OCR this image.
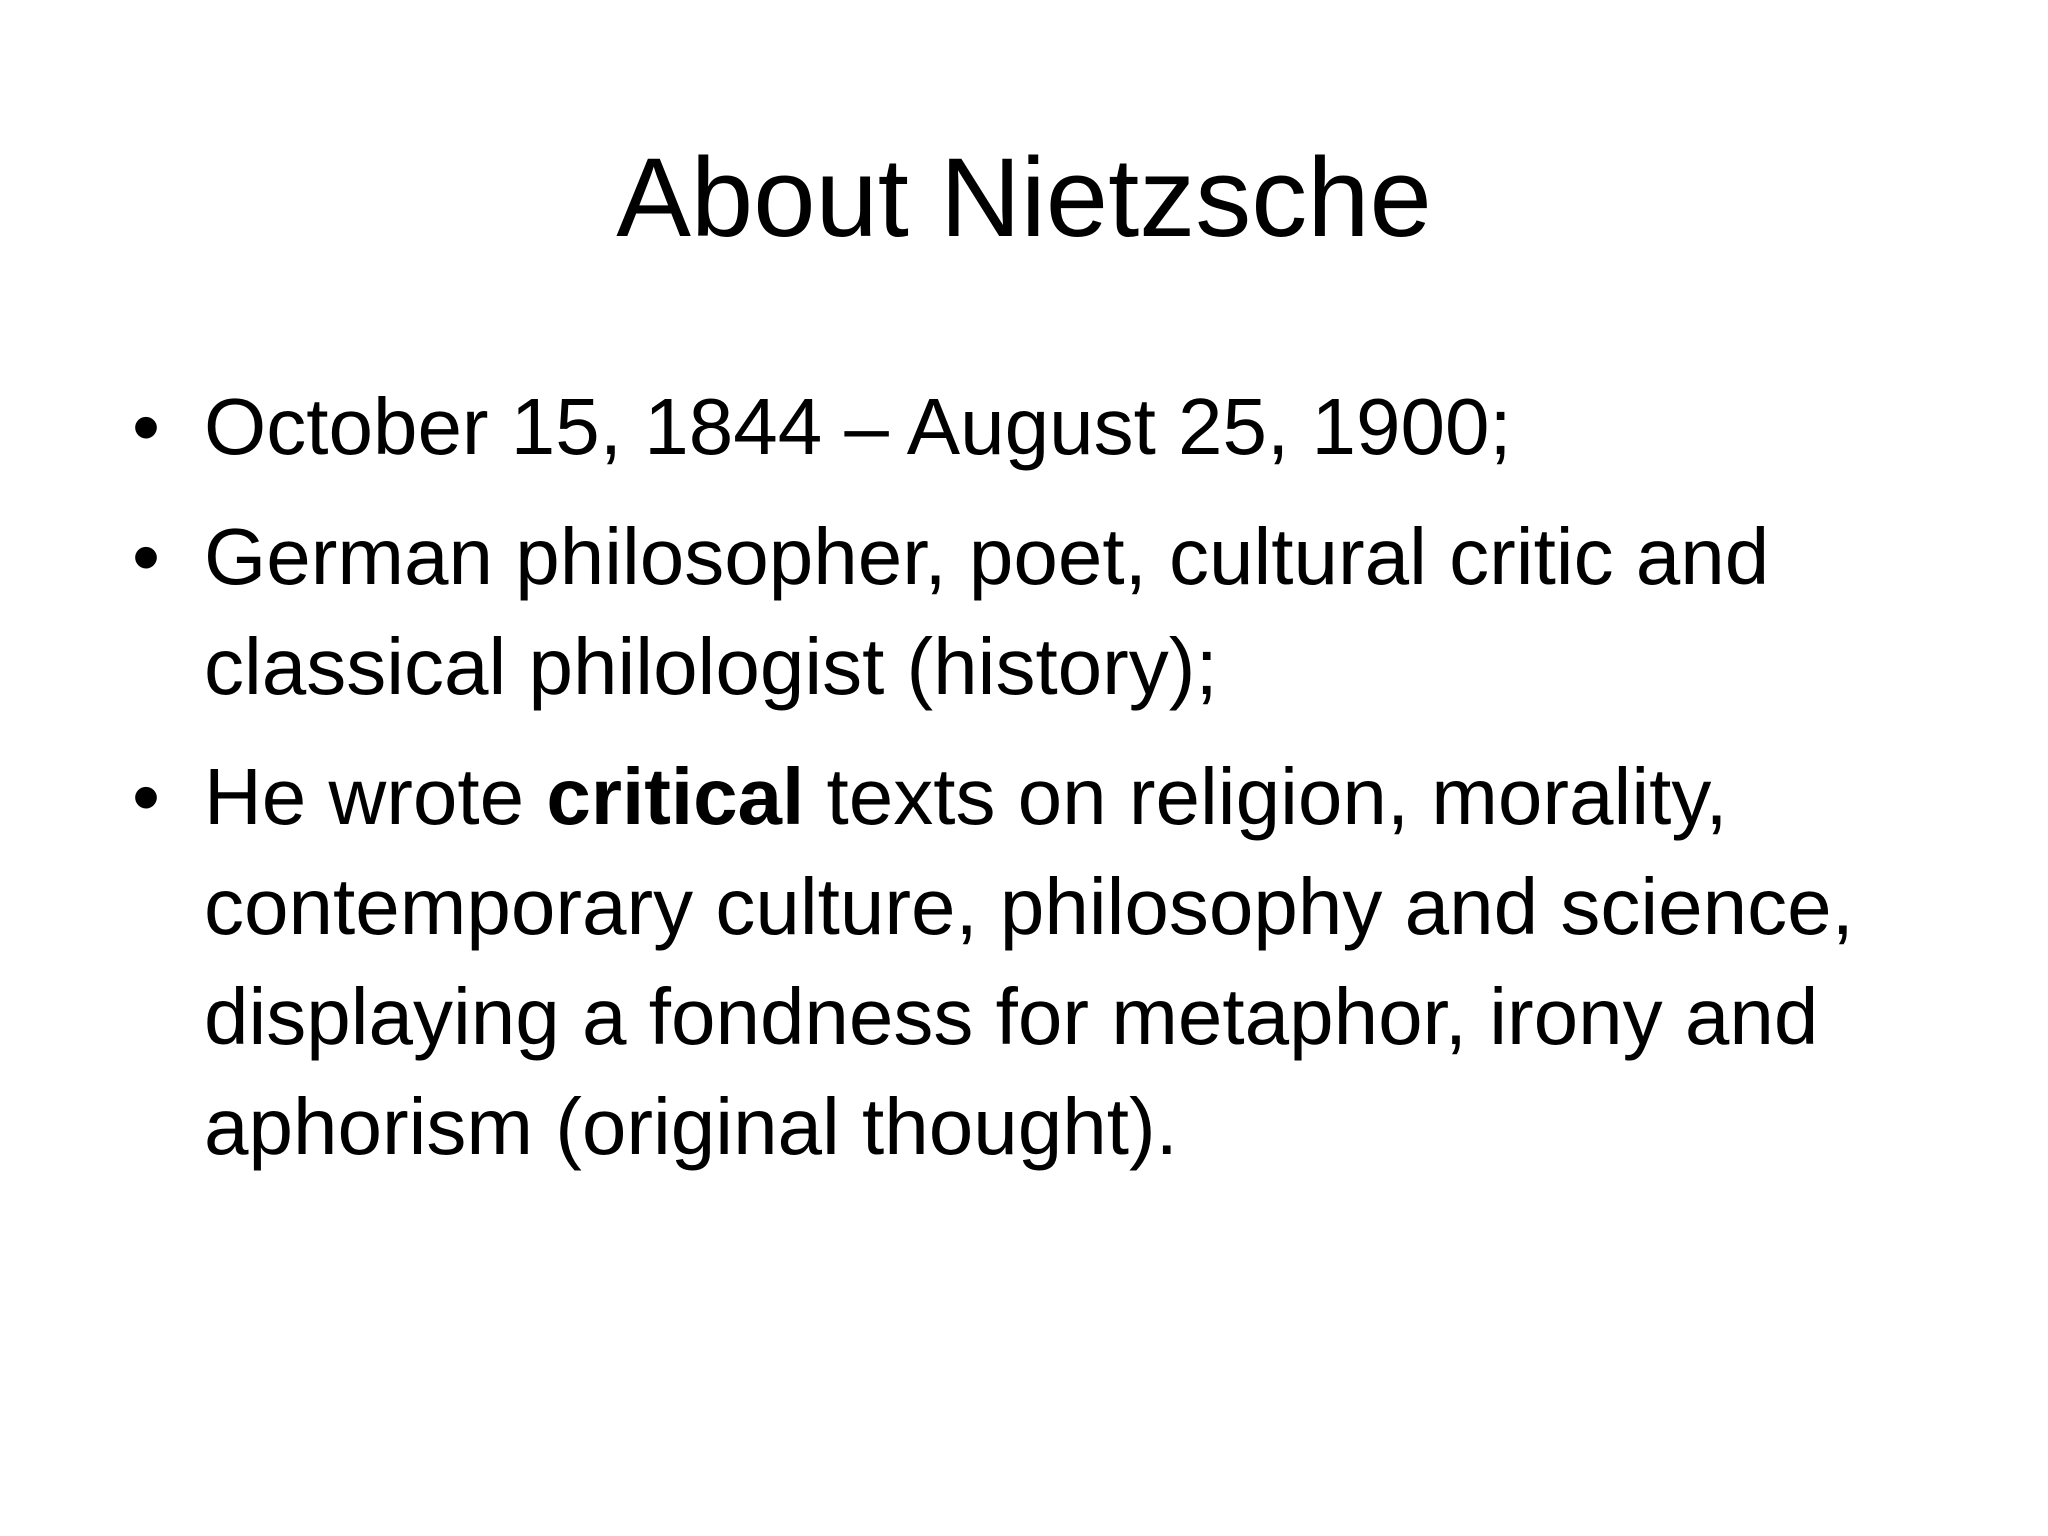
About Nietzsche
• October 15, 1844 – August 25, 1900;
• German philosopher, poet, cultural critic and classical philologist (history);
• He wrote critical texts on religion, morality, contemporary culture, philosophy and science, displaying a fondness for metaphor, irony and aphorism (original thought).
